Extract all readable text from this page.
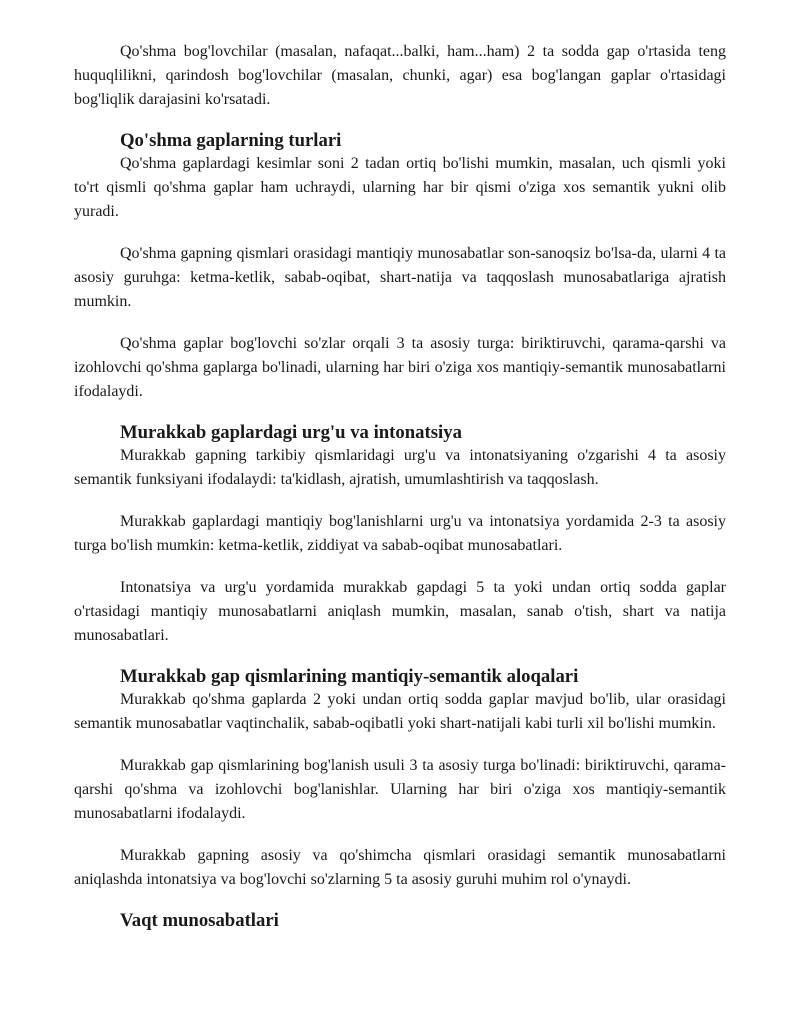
Qo'shma bog'lovchilar (masalan, nafaqat...balki, ham...ham) 2 ta sodda gap o'rtasida teng huquqlilikni, qarindosh bog'lovchilar (masalan, chunki, agar) esa bog'langan gaplar o'rtasidagi bog'liqlik darajasini ko'rsatadi.

Qo'shma gaplarning turlari

Qo'shma gaplardagi kesimlar soni 2 tadan ortiq bo'lishi mumkin, masalan, uch qismli yoki to'rt qismli qo'shma gaplar ham uchraydi, ularning har bir qismi o'ziga xos semantik yukni olib yuradi.

Qo'shma gapning qismlari orasidagi mantiqiy munosabatlar son-sanoqsiz bo'lsa-da, ularni 4 ta asosiy guruhga: ketma-ketlik, sabab-oqibat, shart-natija va taqqoslash munosabatlariga ajratish mumkin.

Qo'shma gaplar bog'lovchi so'zlar orqali 3 ta asosiy turga: biriktiruvchi, qarama-qarshi va izohlovchi qo'shma gaplarga bo'linadi, ularning har biri o'ziga xos mantiqiy-semantik munosabatlarni ifodalaydi.

Murakkab gaplardagi urg'u va intonatsiya

Murakkab gapning tarkibiy qismlaridagi urg'u va intonatsiyaning o'zgarishi 4 ta asosiy semantik funksiyani ifodalaydi: ta'kidlash, ajratish, umumlashtirish va taqqoslash.

Murakkab gaplardagi mantiqiy bog'lanishlarni urg'u va intonatsiya yordamida 2-3 ta asosiy turga bo'lish mumkin: ketma-ketlik, ziddiyat va sabab-oqibat munosabatlari.

Intonatsiya va urg'u yordamida murakkab gapdagi 5 ta yoki undan ortiq sodda gaplar o'rtasidagi mantiqiy munosabatlarni aniqlash mumkin, masalan, sanab o'tish, shart va natija munosabatlari.

Murakkab gap qismlarining mantiqiy-semantik aloqalari

Murakkab qo'shma gaplarda 2 yoki undan ortiq sodda gaplar mavjud bo'lib, ular orasidagi semantik munosabatlar vaqtinchalik, sabab-oqibatli yoki shart-natijali kabi turli xil bo'lishi mumkin.

Murakkab gap qismlarining bog'lanish usuli 3 ta asosiy turga bo'linadi: biriktiruvchi, qarama-qarshi qo'shma va izohlovchi bog'lanishlar. Ularning har biri o'ziga xos mantiqiy-semantik munosabatlarni ifodalaydi.

Murakkab gapning asosiy va qo'shimcha qismlari orasidagi semantik munosabatlarni aniqlashda intonatsiya va bog'lovchi so'zlarning 5 ta asosiy guruhi muhim rol o'ynaydi.

Vaqt munosabatlari
